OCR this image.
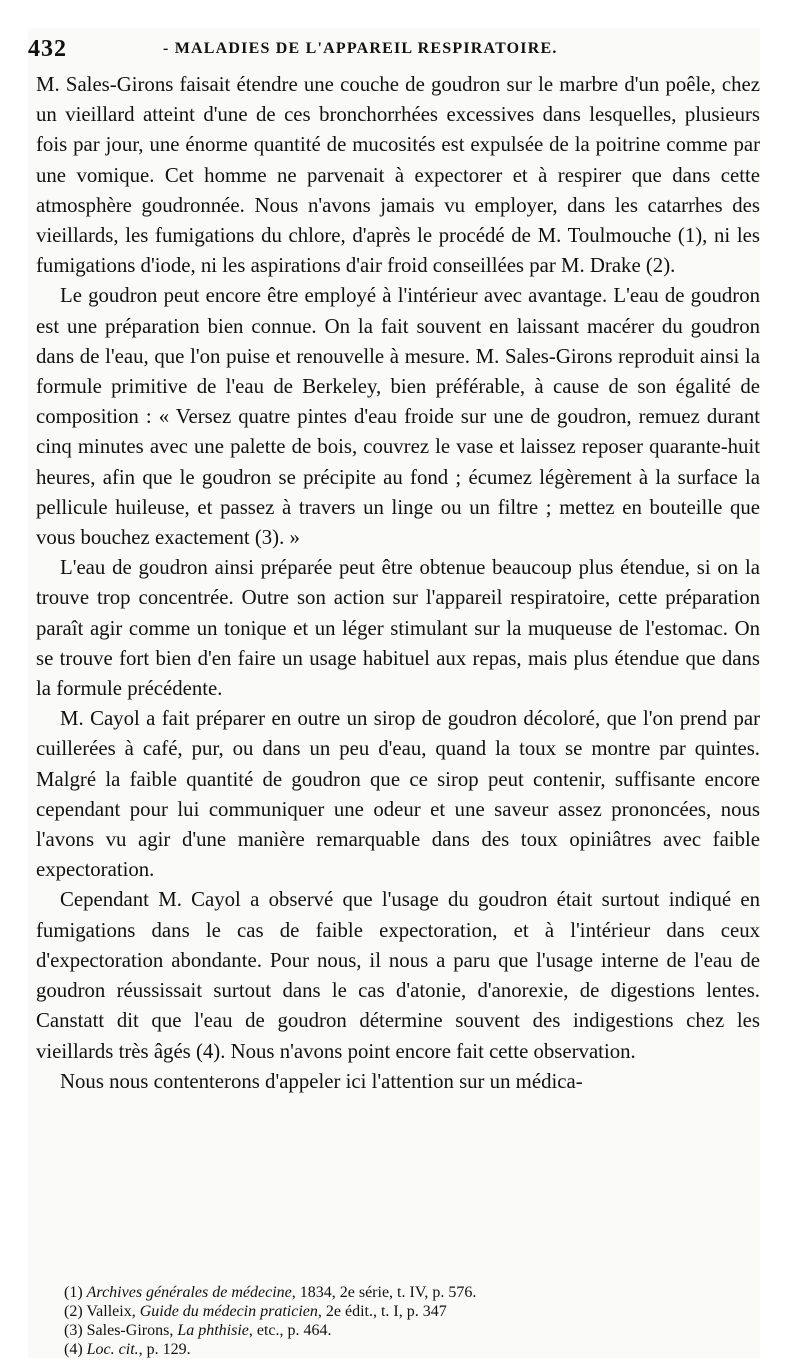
432	- MALADIES DE L'APPAREIL RESPIRATOIRE.

M. Sales-Girons faisait étendre une couche de goudron sur le marbre d'un poêle, chez un vieillard atteint d'une de ces bronchorrhées excessives dans lesquelles, plusieurs fois par jour, une énorme quantité de mucosités est expulsée de la poitrine comme par une vomique. Cet homme ne parvenait à expectorer et à respirer que dans cette atmosphère goudronnée. Nous n'avons jamais vu employer, dans les catarrhes des vieillards, les fumigations du chlore, d'après le procédé de M. Toulmouche (1), ni les fumigations d'iode, ni les aspirations d'air froid conseillées par M. Drake (2).

Le goudron peut encore être employé à l'intérieur avec avantage. L'eau de goudron est une préparation bien connue. On la fait souvent en laissant macérer du goudron dans de l'eau, que l'on puise et renouvelle à mesure. M. Sales-Girons reproduit ainsi la formule primitive de l'eau de Berkeley, bien préférable, à cause de son égalité de composition : « Versez quatre pintes d'eau froide sur une de goudron, remuez durant cinq minutes avec une palette de bois, couvrez le vase et laissez reposer quarante-huit heures, afin que le goudron se précipite au fond ; écumez légèrement à la surface la pellicule huileuse, et passez à travers un linge ou un filtre ; mettez en bouteille que vous bouchez exactement (3). »

L'eau de goudron ainsi préparée peut être obtenue beaucoup plus étendue, si on la trouve trop concentrée. Outre son action sur l'appareil respiratoire, cette préparation paraît agir comme un tonique et un léger stimulant sur la muqueuse de l'estomac. On se trouve fort bien d'en faire un usage habituel aux repas, mais plus étendue que dans la formule précédente.

M. Cayol a fait préparer en outre un sirop de goudron décoloré, que l'on prend par cuillerées à café, pur, ou dans un peu d'eau, quand la toux se montre par quintes. Malgré la faible quantité de goudron que ce sirop peut contenir, suffisante encore cependant pour lui communiquer une odeur et une saveur assez prononcées, nous l'avons vu agir d'une manière remarquable dans des toux opiniâtres avec faible expectoration.

Cependant M. Cayol a observé que l'usage du goudron était surtout indiqué en fumigations dans le cas de faible expectoration, et à l'intérieur dans ceux d'expectoration abondante. Pour nous, il nous a paru que l'usage interne de l'eau de goudron réussissait surtout dans le cas d'atonie, d'anorexie, de digestions lentes. Canstatt dit que l'eau de goudron détermine souvent des indigestions chez les vieillards très âgés (4). Nous n'avons point encore fait cette observation.

Nous nous contenterons d'appeler ici l'attention sur un médica-

(1) Archives générales de médecine, 1834, 2e série, t. IV, p. 576.

(2) Valleix, Guide du médecin praticien, 2e édit., t. I, p. 347

(3) Sales-Girons, La phthisie, etc., p. 464.

(4) Loc. cit., p. 129.
